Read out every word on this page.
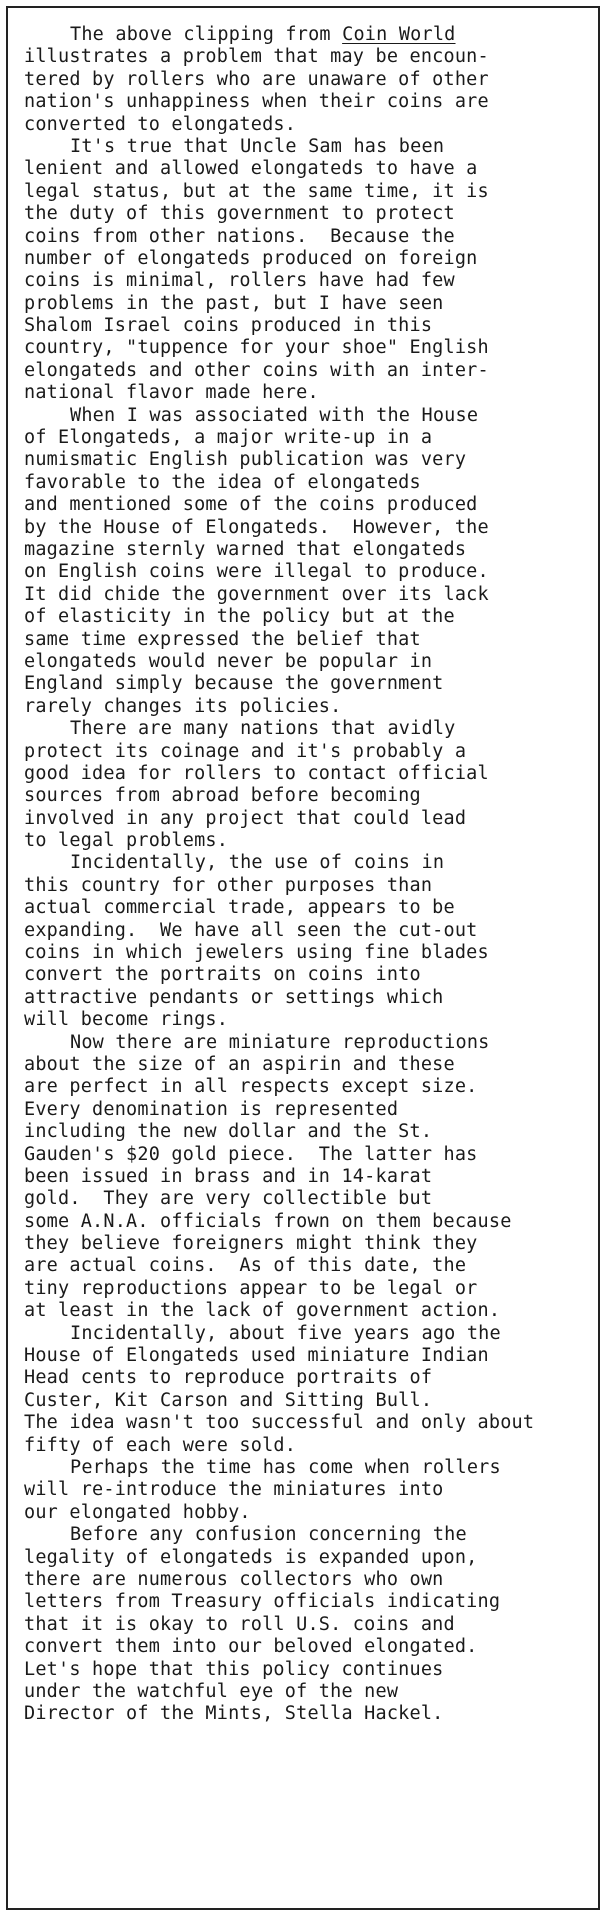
The above clipping from Coin World
illustrates a problem that may be encoun-
tered by rollers who are unaware of other
nation's unhappiness when their coins are
converted to elongateds.
It's true that Uncle Sam has been
lenient and allowed elongateds to have a
legal status, but at the same time, it is
the duty of this government to protect
coins from other nations.  Because the
number of elongateds produced on foreign
coins is minimal, rollers have had few
problems in the past, but I have seen
Shalom Israel coins produced in this
country, "tuppence for your shoe" English
elongateds and other coins with an inter-
national flavor made here.
When I was associated with the House
of Elongateds, a major write-up in a
numismatic English publication was very
favorable to the idea of elongateds
and mentioned some of the coins produced
by the House of Elongateds.  However, the
magazine sternly warned that elongateds
on English coins were illegal to produce.
It did chide the government over its lack
of elasticity in the policy but at the
same time expressed the belief that
elongateds would never be popular in
England simply because the government
rarely changes its policies.
There are many nations that avidly
protect its coinage and it's probably a
good idea for rollers to contact official
sources from abroad before becoming
involved in any project that could lead
to legal problems.
Incidentally, the use of coins in
this country for other purposes than
actual commercial trade, appears to be
expanding.  We have all seen the cut-out
coins in which jewelers using fine blades
convert the portraits on coins into
attractive pendants or settings which
will become rings.
Now there are miniature reproductions
about the size of an aspirin and these
are perfect in all respects except size.
Every denomination is represented
including the new dollar and the St.
Gauden's $20 gold piece.  The latter has
been issued in brass and in 14-karat
gold.  They are very collectible but
some A.N.A. officials frown on them because
they believe foreigners might think they
are actual coins.  As of this date, the
tiny reproductions appear to be legal or
at least in the lack of government action.
Incidentally, about five years ago the
House of Elongateds used miniature Indian
Head cents to reproduce portraits of
Custer, Kit Carson and Sitting Bull.
The idea wasn't too successful and only about
fifty of each were sold.
Perhaps the time has come when rollers
will re-introduce the miniatures into
our elongated hobby.
Before any confusion concerning the
legality of elongateds is expanded upon,
there are numerous collectors who own
letters from Treasury officials indicating
that it is okay to roll U.S. coins and
convert them into our beloved elongated.
Let's hope that this policy continues
under the watchful eye of the new
Director of the Mints, Stella Hackel.
